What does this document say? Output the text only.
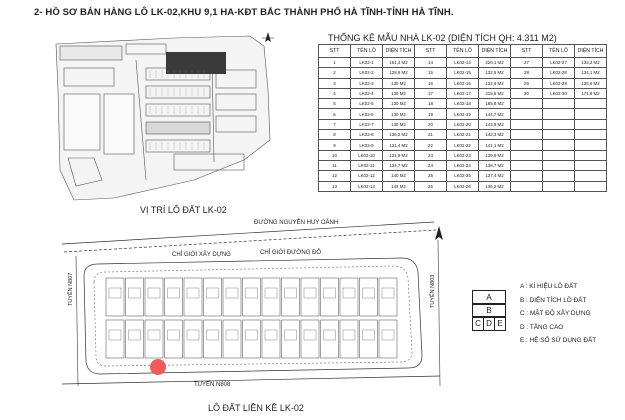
2- HỒ SƠ BÁN HÀNG LÔ LK-02,KHU 9,1 HA-KĐT BẮC THÀNH PHỐ HÀ TĨNH-TỈNH HÀ TĨNH.
VỊ TRÍ LÔ ĐẤT LK-02
THỐNG KÊ MẪU NHÀ LK-02 (DIỆN TÍCH QH: 4.311 M2)
STT	TÊN LÔ	DIỆN TÍCH	STT	TÊN LÔ	DIỆN TÍCH	STT	TÊN LÔ	DIỆN TÍCH
1	LK02-1	161,4 M2	14	LK02-14	220,1 M2	27	LK02-27	133,2 M2
2	LK02-2	128,9 M2	15	LK02-15	132,5 M2	28	LK02-28	134,1 M2
3	LK02-3	130 M2	16	LK02-16	132,6 M2	29	LK02-29	135,6 M2
4	LK02-4	130 M2	17	LK02-17	215,5 M2	30	LK02-30	174,9 M2
5	LK02-5	130 M2	18	LK02-18	185,8 M2			
6	LK02-6	130 M2	19	LK02-19	144,7 M2			
7	LK02-7	130 M2	20	LK02-20	143,9 M2			
8	LK02-8	136,2 M2	21	LK02-21	142,3 M2			
9	LK02-9	131,4 M2	22	LK02-22	141,1 M2			
10	LK02-10	131,9 M2	23	LK02-23	139,9 M2			
11	LK02-11	134,7 M2	24	LK02-24	138,7 M2			
12	LK02-12	140 M2	25	LK02-25	137,4 M2			
13	LK02-13	143 M2	26	LK02-26	136,2 M2			
ĐƯỜNG NGUYỄN HUY OÁNH
CHỈ GIỚI XÂY DỰNG	CHỈ GIỚI ĐƯỜNG ĐỎ
TUYẾN N808
TUYẾN N807	TUYẾN N803
LÔ ĐẤT LIỀN KỀ LK-02
A
B
C D E
A : KÍ HIỆU LÔ ĐẤT
B : DIỆN TÍCH LÔ ĐẤT
C : MẬT ĐỘ XÂY DỰNG
D : TẦNG CAO
E : HỆ SỐ SỬ DỤNG ĐẤT
